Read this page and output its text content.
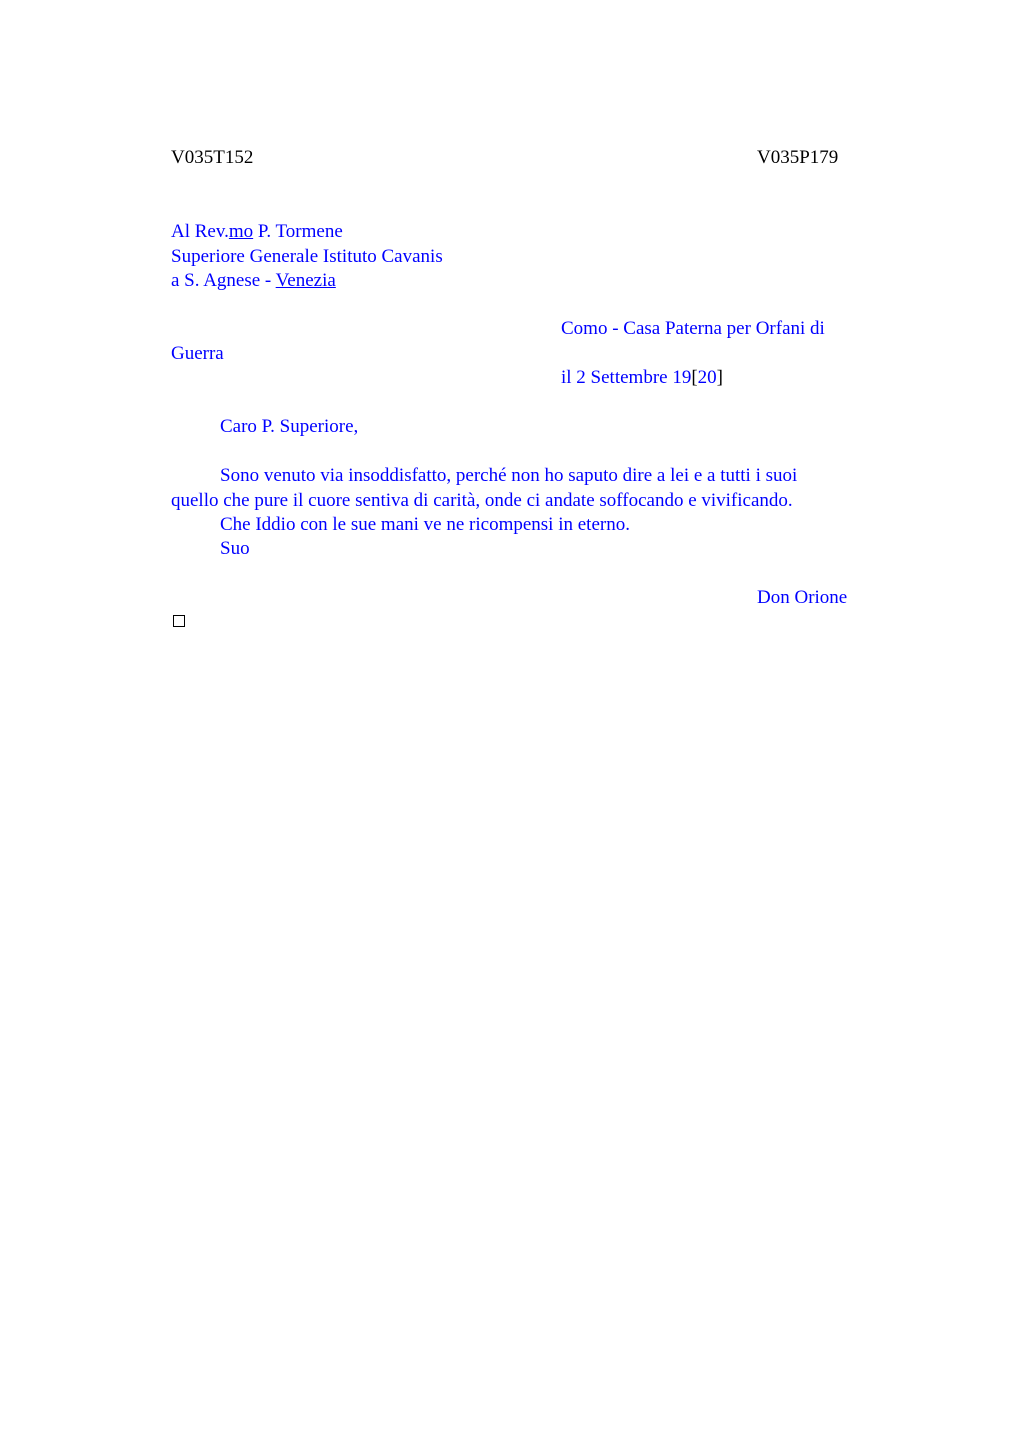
V035T152	V035P179
Al Rev.mo P. Tormene
Superiore Generale Istituto Cavanis
a S. Agnese - Venezia
Como - Casa Paterna per Orfani di
Guerra
il 2 Settembre 19[20]
Caro P. Superiore,
Sono venuto via insoddisfatto, perché non ho saputo dire a lei e a tutti i suoi
quello che pure il cuore sentiva di carità, onde ci andate soffocando e vivificando.
Che Iddio con le sue mani ve ne ricompensi in eterno.
Suo
Don Orione
